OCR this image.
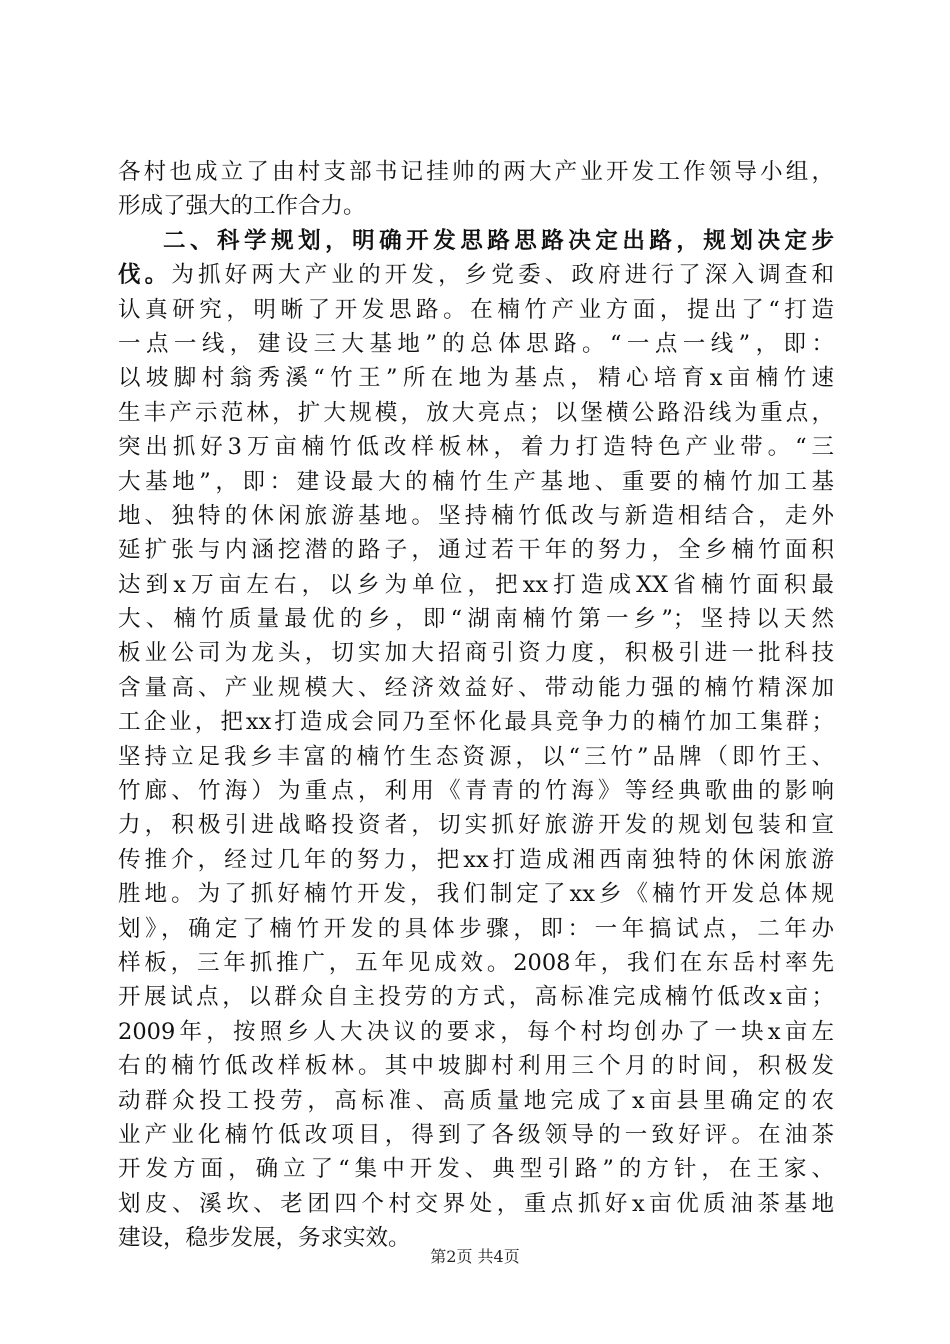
各村也成立了由村支部书记挂帅的两大产业开发工作领导小组，
形成了强大的工作合力。
二、科学规划，明确开发思路思路决定出路，规划决定步
伐。为抓好两大产业的开发，乡党委、政府进行了深入调查和
认真研究，明晰了开发思路。在楠竹产业方面，提出了“打造
一点一线，建设三大基地”的总体思路。“一点一线”，即：
以坡脚村翁秀溪“竹王”所在地为基点，精心培育x亩楠竹速
生丰产示范林，扩大规模，放大亮点；以堡横公路沿线为重点，
突出抓好3万亩楠竹低改样板林，着力打造特色产业带。“三
大基地”，即：建设最大的楠竹生产基地、重要的楠竹加工基
地、独特的休闲旅游基地。坚持楠竹低改与新造相结合，走外
延扩张与内涵挖潜的路子，通过若干年的努力，全乡楠竹面积
达到x万亩左右，以乡为单位，把xx打造成XX省楠竹面积最
大、楠竹质量最优的乡，即“湖南楠竹第一乡”；坚持以天然
板业公司为龙头，切实加大招商引资力度，积极引进一批科技
含量高、产业规模大、经济效益好、带动能力强的楠竹精深加
工企业，把xx打造成会同乃至怀化最具竞争力的楠竹加工集群；
坚持立足我乡丰富的楠竹生态资源，以“三竹”品牌（即竹王、
竹廊、竹海）为重点，利用《青青的竹海》等经典歌曲的影响
力，积极引进战略投资者，切实抓好旅游开发的规划包装和宣
传推介，经过几年的努力，把xx打造成湘西南独特的休闲旅游
胜地。为了抓好楠竹开发，我们制定了xx乡《楠竹开发总体规
划》，确定了楠竹开发的具体步骤，即：一年搞试点，二年办
样板，三年抓推广，五年见成效。2008年，我们在东岳村率先
开展试点，以群众自主投劳的方式，高标准完成楠竹低改x亩；
2009年，按照乡人大决议的要求，每个村均创办了一块x亩左
右的楠竹低改样板林。其中坡脚村利用三个月的时间，积极发
动群众投工投劳，高标准、高质量地完成了x亩县里确定的农
业产业化楠竹低改项目，得到了各级领导的一致好评。在油茶
开发方面，确立了“集中开发、典型引路”的方针，在王家、
划皮、溪坎、老团四个村交界处，重点抓好x亩优质油茶基地
建设，稳步发展，务求实效。
第2页 共4页
